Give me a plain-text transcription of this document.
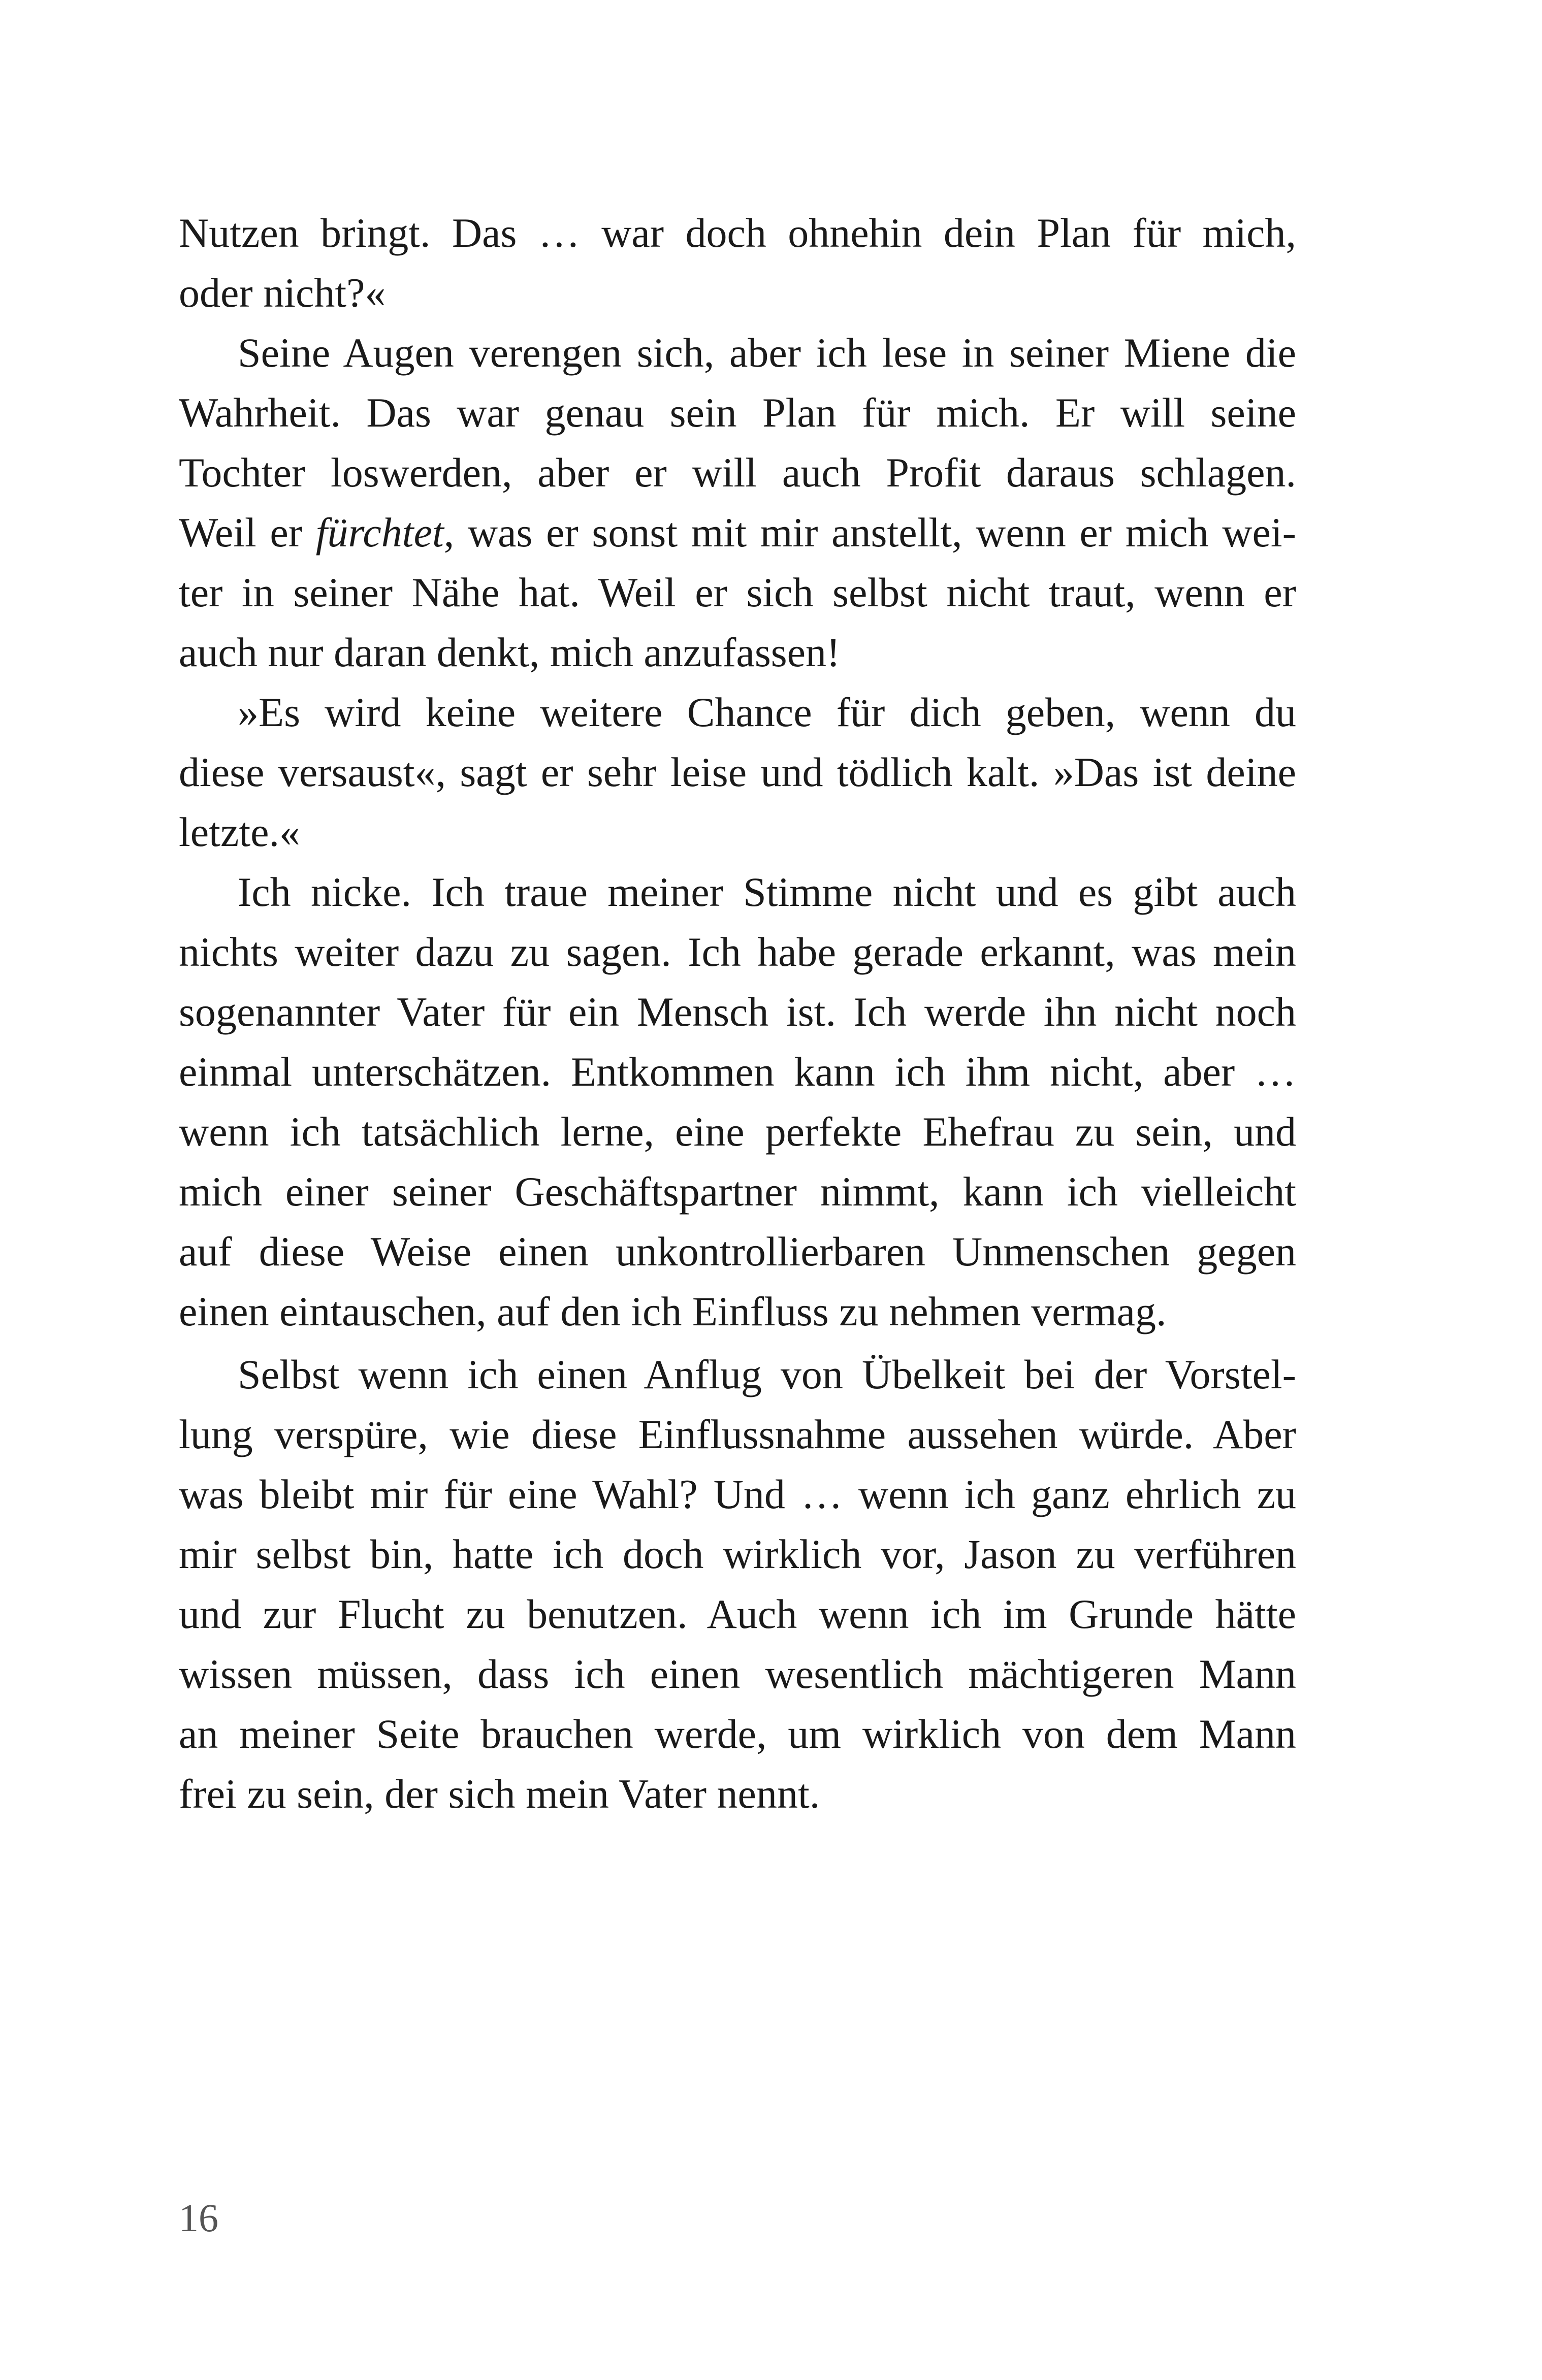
Nutzen bringt. Das … war doch ohnehin dein Plan für mich,
oder nicht?«
Seine Augen verengen sich, aber ich lese in seiner Miene die
Wahrheit. Das war genau sein Plan für mich. Er will seine
Tochter loswerden, aber er will auch Profit daraus schlagen.
Weil er fürchtet, was er sonst mit mir anstellt, wenn er mich wei-
ter in seiner Nähe hat. Weil er sich selbst nicht traut, wenn er
auch nur daran denkt, mich anzufassen!
»Es wird keine weitere Chance für dich geben, wenn du
diese versaust«, sagt er sehr leise und tödlich kalt. »Das ist deine
letzte.«
Ich nicke. Ich traue meiner Stimme nicht und es gibt auch
nichts weiter dazu zu sagen. Ich habe gerade erkannt, was mein
sogenannter Vater für ein Mensch ist. Ich werde ihn nicht noch
einmal unterschätzen. Entkommen kann ich ihm nicht, aber …
wenn ich tatsächlich lerne, eine perfekte Ehefrau zu sein, und
mich einer seiner Geschäftspartner nimmt, kann ich vielleicht
auf diese Weise einen unkontrollierbaren Unmenschen gegen
einen eintauschen, auf den ich Einfluss zu nehmen vermag.
Selbst wenn ich einen Anflug von Übelkeit bei der Vorstel-
lung verspüre, wie diese Einflussnahme aussehen würde. Aber
was bleibt mir für eine Wahl? Und … wenn ich ganz ehrlich zu
mir selbst bin, hatte ich doch wirklich vor, Jason zu verführen
und zur Flucht zu benutzen. Auch wenn ich im Grunde hätte
wissen müssen, dass ich einen wesentlich mächtigeren Mann
an meiner Seite brauchen werde, um wirklich von dem Mann
frei zu sein, der sich mein Vater nennt.
16
